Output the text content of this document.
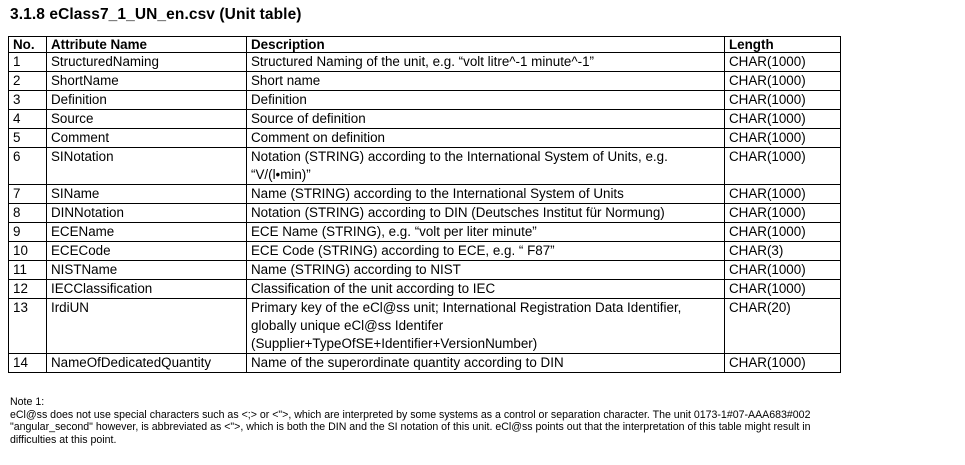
3.1.8 eClass7_1_UN_en.csv (Unit table)
No.	Attribute Name	Description	Length
1	StructuredNaming	Structured Naming of the unit, e.g. “volt litre^-1 minute^-1”	CHAR(1000)
2	ShortName	Short name	CHAR(1000)
3	Definition	Definition	CHAR(1000)
4	Source	Source of definition	CHAR(1000)
5	Comment	Comment on definition	CHAR(1000)
6	SINotation	Notation (STRING) according to the International System of Units, e.g. “V/(l•min)”	CHAR(1000)
7	SIName	Name (STRING) according to the International System of Units	CHAR(1000)
8	DINNotation	Notation (STRING) according to DIN (Deutsches Institut für Normung)	CHAR(1000)
9	ECEName	ECE Name (STRING), e.g. “volt per liter minute”	CHAR(1000)
10	ECECode	ECE Code (STRING) according to ECE, e.g. “ F87”	CHAR(3)
11	NISTName	Name (STRING) according to NIST	CHAR(1000)
12	IECClassification	Classification of the unit according to IEC	CHAR(1000)
13	IrdiUN	Primary key of the eCl@ss unit; International Registration Data Identifier, globally unique eCl@ss Identifer (Supplier+TypeOfSE+Identifier+VersionNumber)	CHAR(20)
14	NameOfDedicatedQuantity	Name of the superordinate quantity according to DIN	CHAR(1000)
Note 1:
eCl@ss does not use special characters such as <;> or <">, which are interpreted by some systems as a control or separation character. The unit 0173-1#07-AAA683#002 "angular_second" however, is abbreviated as <">, which is both the DIN and the SI notation of this unit. eCl@ss points out that the interpretation of this table might result in difficulties at this point.
